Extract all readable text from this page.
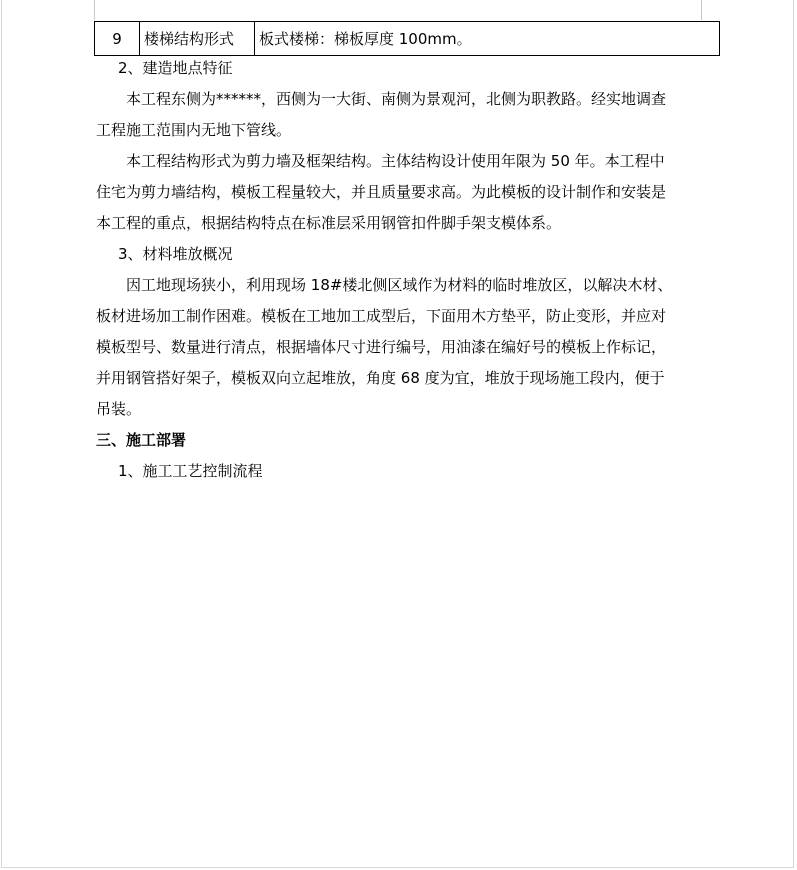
9	楼梯结构形式	板式楼梯：梯板厚度 100mm。
2、建造地点特征
本工程东侧为******，西侧为一大街、南侧为景观河，北侧为职教路。经实地调查
工程施工范围内无地下管线。
本工程结构形式为剪力墙及框架结构。主体结构设计使用年限为 50 年。本工程中
住宅为剪力墙结构，模板工程量较大，并且质量要求高。为此模板的设计制作和安装是
本工程的重点，根据结构特点在标准层采用钢管扣件脚手架支模体系。
3、材料堆放概况
因工地现场狭小，利用现场 18#楼北侧区域作为材料的临时堆放区，以解决木材、
板材进场加工制作困难。模板在工地加工成型后，下面用木方垫平，防止变形，并应对
模板型号、数量进行清点，根据墙体尺寸进行编号，用油漆在编好号的模板上作标记，
并用钢管搭好架子，模板双向立起堆放，角度 68 度为宜，堆放于现场施工段内，便于
吊装。
三、施工部署
1、施工工艺控制流程
